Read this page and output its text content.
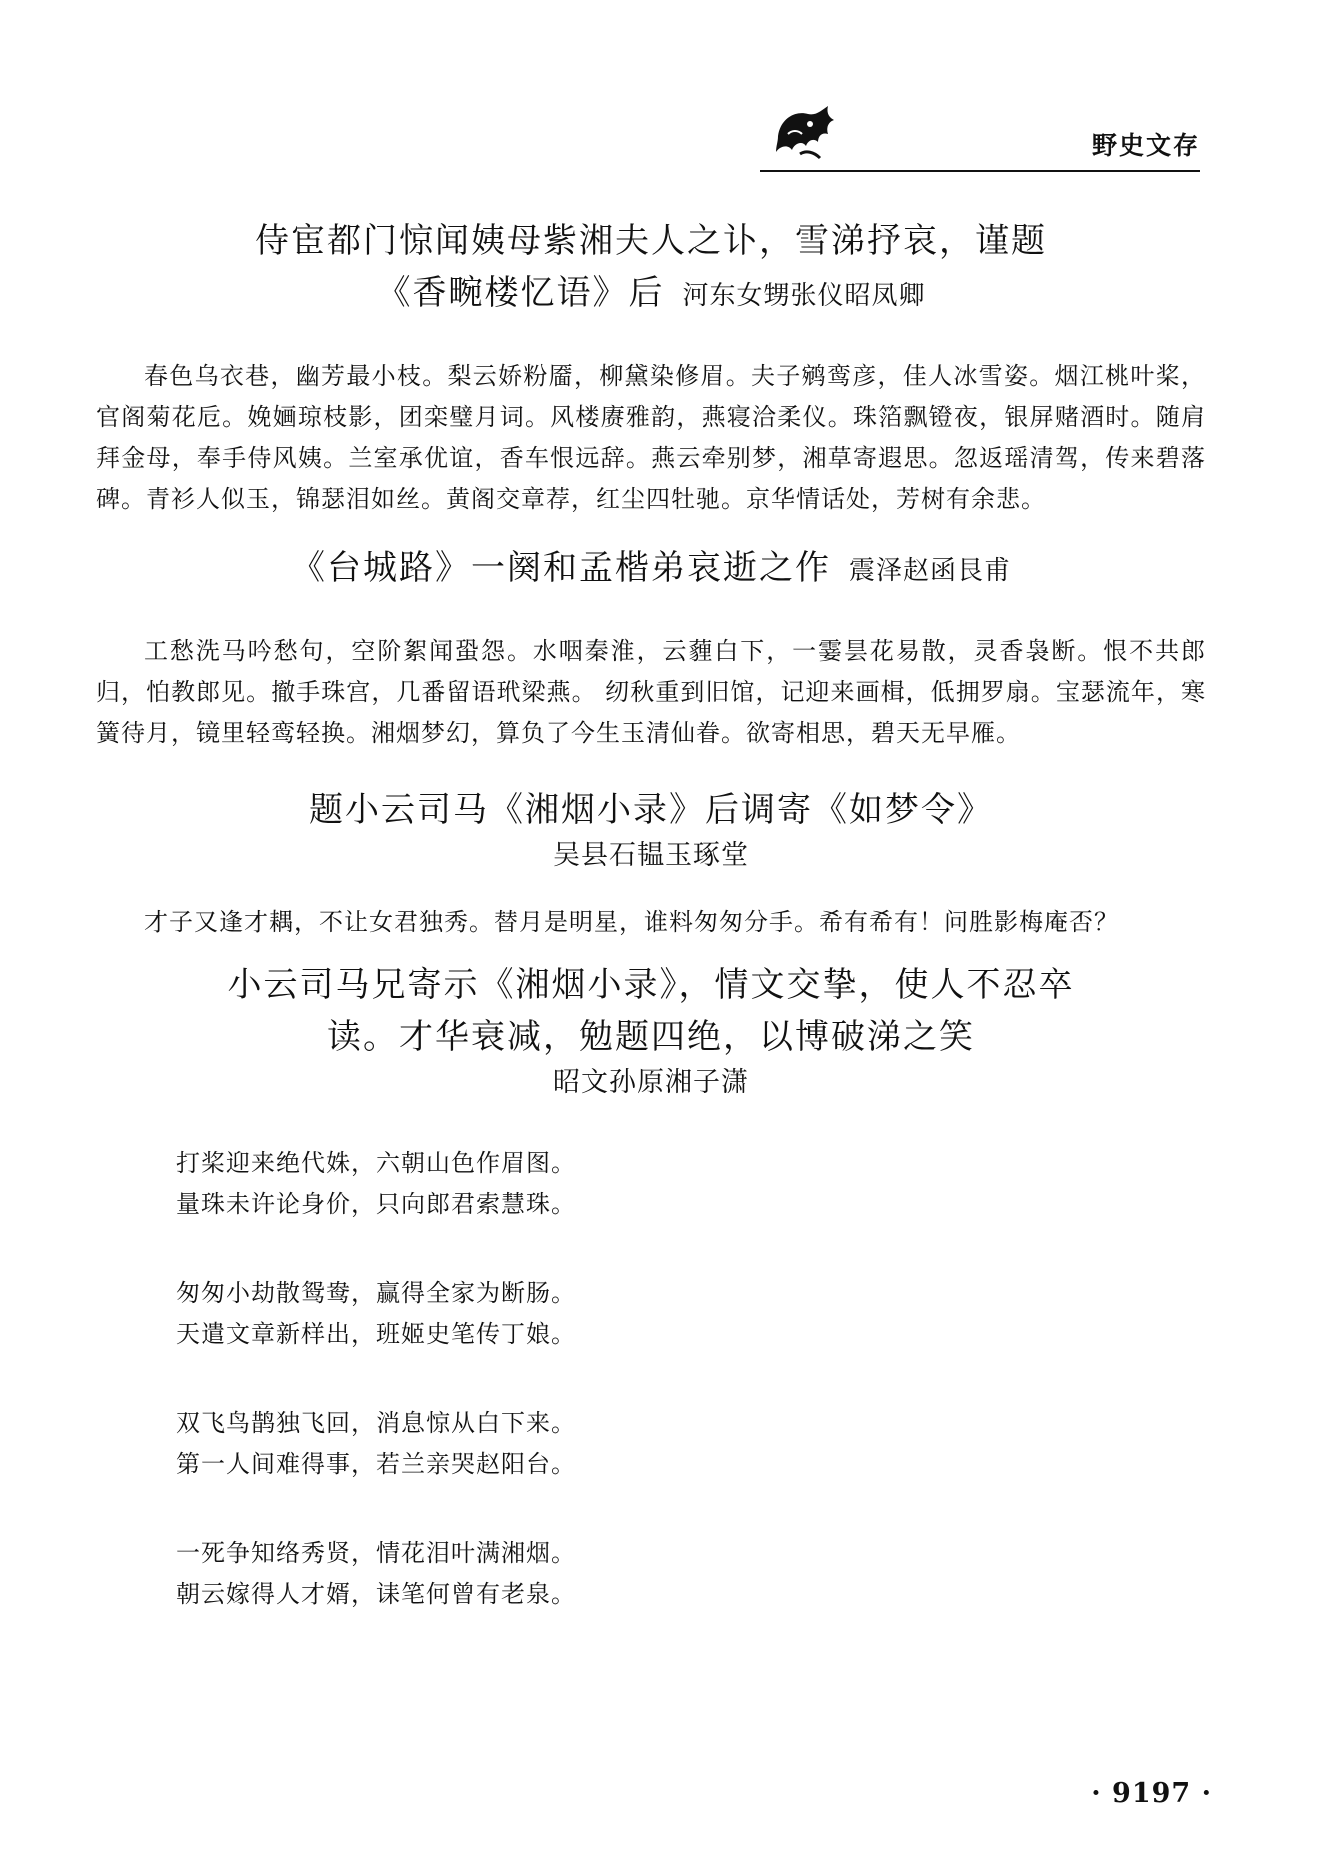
野史文存
侍宦都门惊闻姨母紫湘夫人之讣，雪涕抒哀，谨题
《香畹楼忆语》后 河东女甥张仪昭凤卿

春色乌衣巷，幽芳最小枝。梨云娇粉靥，柳黛染修眉。夫子鹓鸾彦，佳人冰雪姿。烟江桃叶桨，官阁菊花卮。娩婳琼枝影，团栾璧月词。风楼赓雅韵，燕寝洽柔仪。珠箔飘镫夜，银屏赌酒时。随肩拜金母，奉手侍风姨。兰室承优谊，香车恨远辞。燕云牵别梦，湘草寄遐思。忽返瑶清驾，传来碧落碑。青衫人似玉，锦瑟泪如丝。黄阁交章荐，红尘四牡驰。京华情话处，芳树有余悲。

《台城路》一阕和孟楷弟哀逝之作 震泽赵函艮甫

工愁洗马吟愁句，空阶絮闻蛩怨。水咽秦淮，云薶白下，一霎昙花易散，灵香袅断。恨不共郎归，怕教郎见。撤手珠宫，几番留语玳梁燕。 纫秋重到旧馆，记迎来画楫，低拥罗扇。宝瑟流年，寒簧待月，镜里轻鸾轻换。湘烟梦幻，算负了今生玉清仙眷。欲寄相思，碧天无早雁。

题小云司马《湘烟小录》后调寄《如梦令》

吴县石韫玉琢堂

才子又逢才耦，不让女君独秀。替月是明星，谁料匆匆分手。希有希有！问胜影梅庵否？

小云司马兄寄示《湘烟小录》，情文交挚，使人不忍卒
读。才华衰减，勉题四绝，以博破涕之笑

昭文孙原湘子潇

打桨迎来绝代姝，六朝山色作眉图。
量珠未许论身价，只向郎君索慧珠。
匆匆小劫散鸳鸯，赢得全家为断肠。
天遣文章新样出，班姬史笔传丁娘。
双飞鸟鹊独飞回，消息惊从白下来。
第一人间难得事，若兰亲哭赵阳台。
一死争知络秀贤，情花泪叶满湘烟。
朝云嫁得人才婿，诔笔何曾有老泉。
· 9197 ·
